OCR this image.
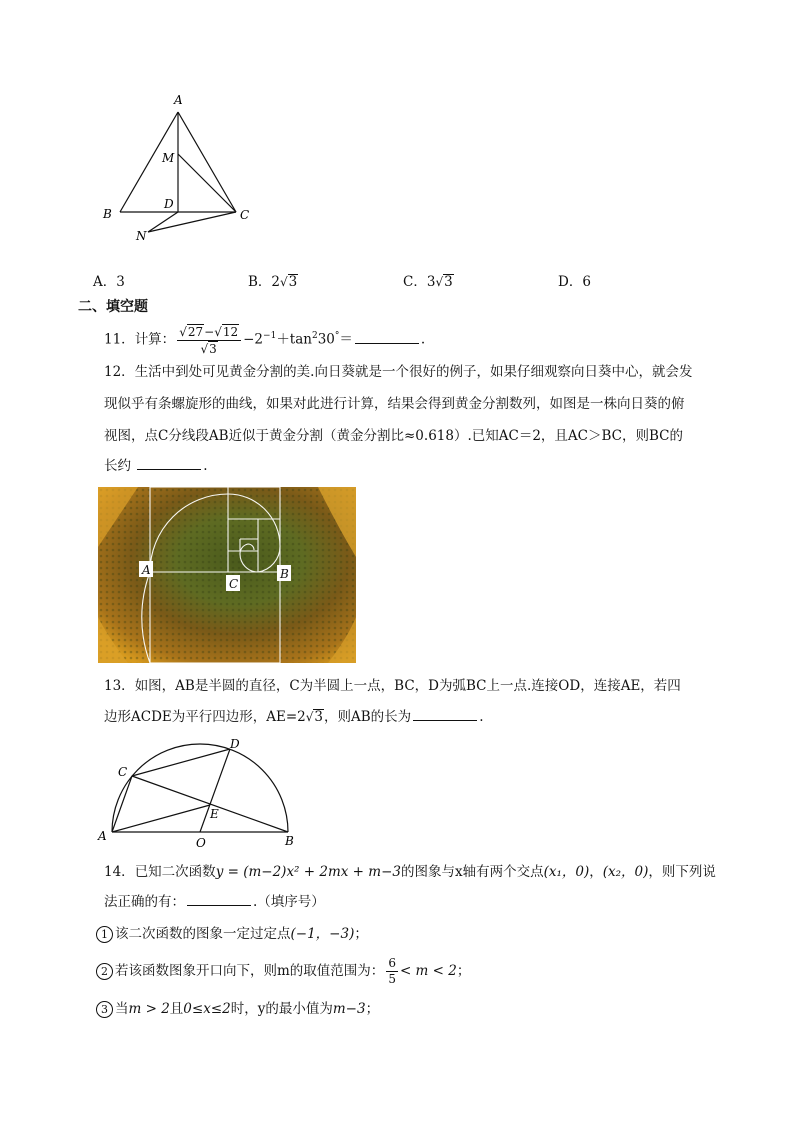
A
M
D
B	C
N
A．3	B．2√3	C．3√3	D．6
二、填空题
11．计算： $\frac{√27-√12}{√3} -2^{-1}+\tan^230^\circ=$	.
12．生活中到处可见黄金分割的美.向日葵就是一个很好的例子，如果仔细观察向日葵中心，就会发
现似乎有条螺旋形的曲线，如果对此进行计算，结果会得到黄金分割数列，如图是一株向日葵的俯
视图，点C分线段AB近似于黄金分割（黄金分割比≈0.618）.已知AC＝2，且AC＞BC，则BC的
长约	.
A
C
B
13．如图，AB是半圆的直径，C为半圆上一点，BC，D为弧BC上一点.连接OD，连接AE，若四
边形ACDE为平行四边形，AE=2√3，则AB的长为	.
C
D
E
A	O	B
14．已知二次函数y = (m−2)x² + 2mx + m−3的图象与x轴有两个交点(x₁，0)，(x₂，0)，则下列说
法正确的有：	.（填序号）
1 该二次函数的图象一定过定点(−1，−3)；
2 若该函数图象开口向下，则m的取值范围为： $\frac{6}{5} < m < 2$；
3 当m > 2且0≤x≤2时，y的最小值为m−3；
